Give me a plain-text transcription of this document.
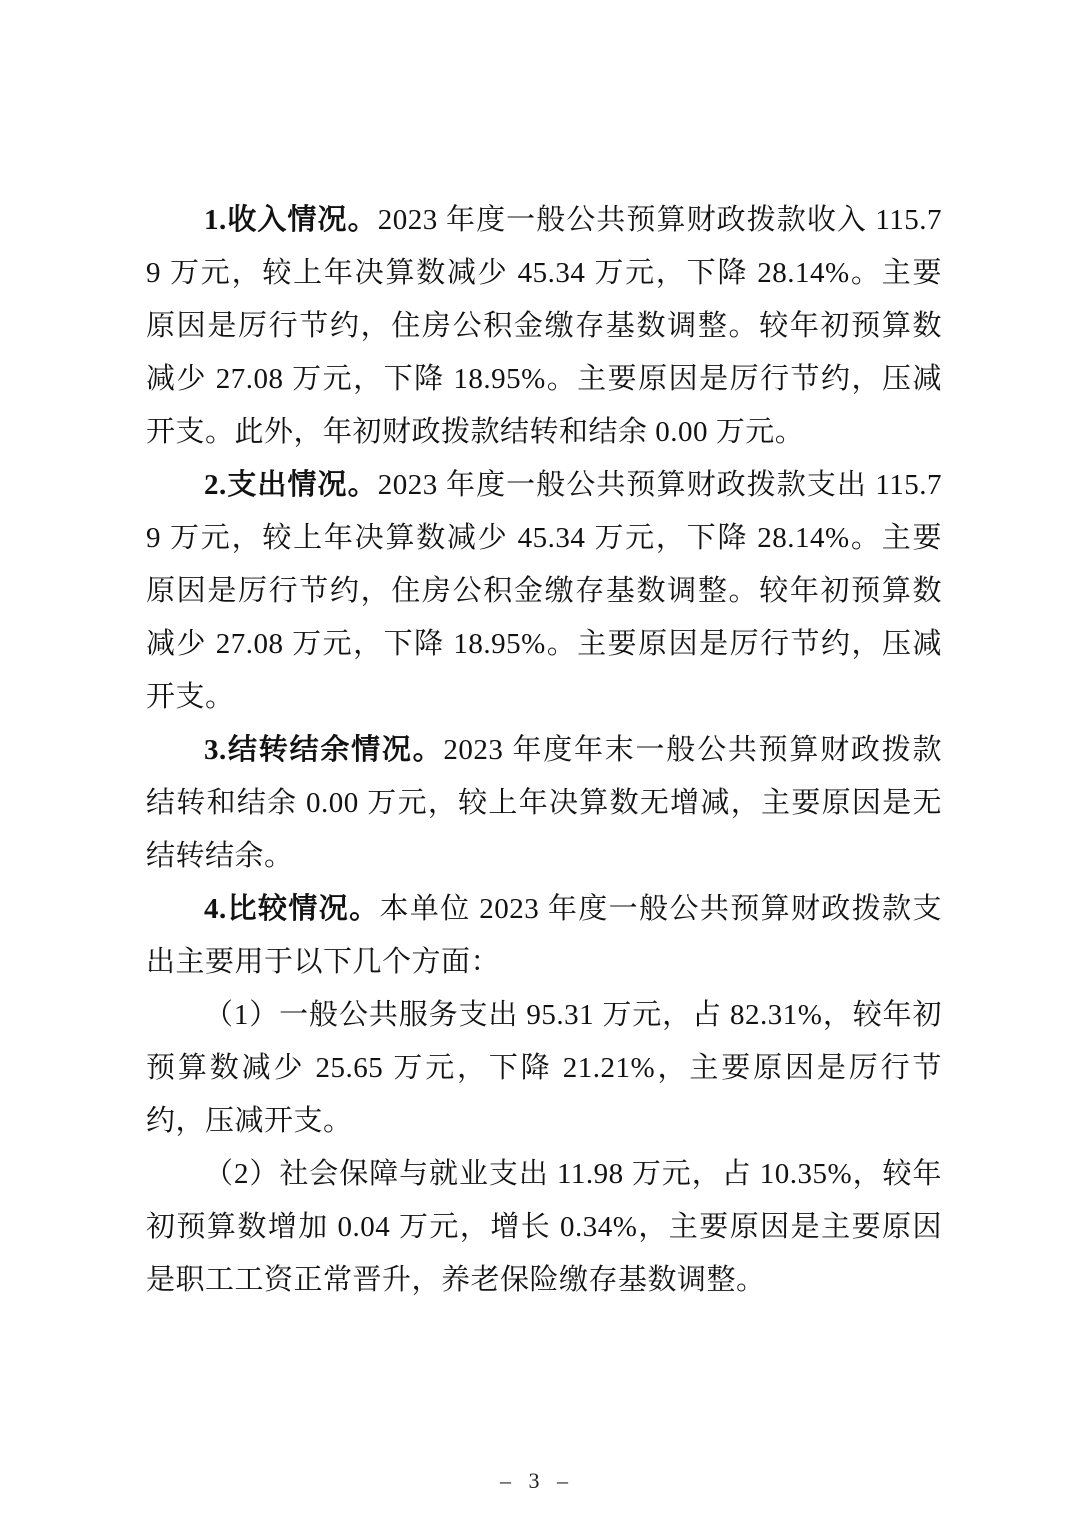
1.收入情况。2023 年度一般公共预算财政拨款收入 115.79 万元，较上年决算数减少 45.34 万元，下降 28.14%。主要原因是厉行节约，住房公积金缴存基数调整。较年初预算数减少 27.08 万元，下降 18.95%。主要原因是厉行节约，压减开支。此外，年初财政拨款结转和结余 0.00 万元。

2.支出情况。2023 年度一般公共预算财政拨款支出 115.79 万元，较上年决算数减少 45.34 万元，下降 28.14%。主要原因是厉行节约，住房公积金缴存基数调整。较年初预算数减少 27.08 万元，下降 18.95%。主要原因是厉行节约，压减开支。

3.结转结余情况。2023 年度年末一般公共预算财政拨款结转和结余 0.00 万元，较上年决算数无增减，主要原因是无结转结余。

4.比较情况。本单位 2023 年度一般公共预算财政拨款支出主要用于以下几个方面：

（1）一般公共服务支出 95.31 万元，占 82.31%，较年初预算数减少 25.65 万元，下降 21.21%，主要原因是厉行节约，压减开支。

（2）社会保障与就业支出 11.98 万元，占 10.35%，较年初预算数增加 0.04 万元，增长 0.34%，主要原因是主要原因是职工工资正常晋升，养老保险缴存基数调整。

– 3 –
